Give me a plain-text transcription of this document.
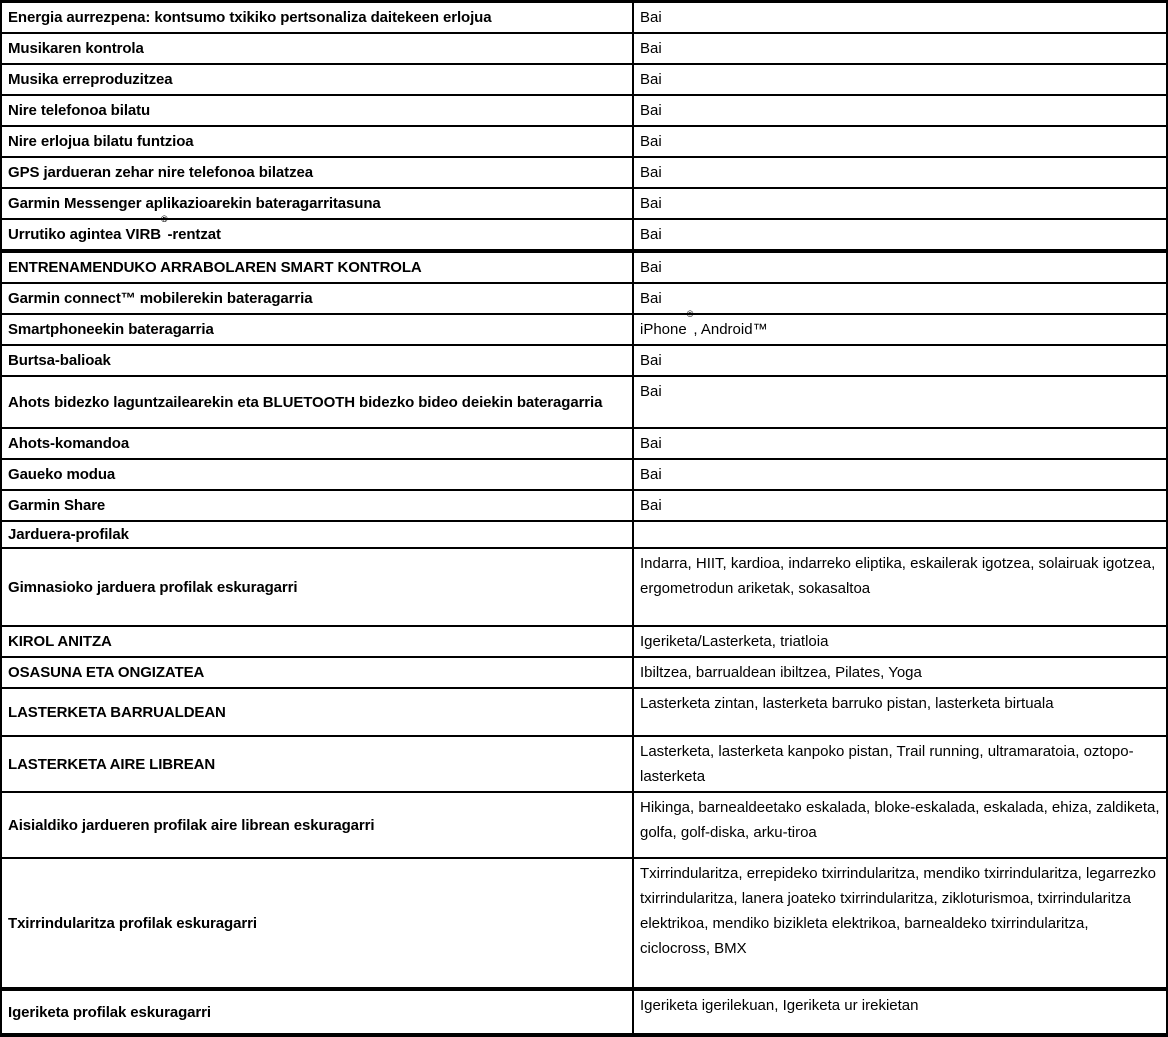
Energia aurrezpena: kontsumo txikiko pertsonaliza daitekeen erlojua	Bai
Musikaren kontrola	Bai
Musika erreproduzitzea	Bai
Nire telefonoa bilatu	Bai
Nire erlojua bilatu funtzioa	Bai
GPS jardueran zehar nire telefonoa bilatzea	Bai
Garmin Messenger aplikazioarekin bateragarritasuna	Bai
Urrutiko agintea VIRB®-rentzat	Bai
ENTRENAMENDUKO ARRABOLAREN SMART KONTROLA	Bai
Garmin connect™ mobilerekin bateragarria	Bai
Smartphoneekin bateragarria	iPhone®, Android™
Burtsa-balioak	Bai
Ahots bidezko laguntzailearekin eta BLUETOOTH bidezko bideo deiekin bateragarria	Bai
Ahots-komandoa	Bai
Gaueko modua	Bai
Garmin Share	Bai
Jarduera-profilak	
Gimnasioko jarduera profilak eskuragarri	Indarra, HIIT, kardioa, indarreko eliptika, eskailerak igotzea, solairuak igotzea, ergometrodun ariketak, sokasaltoa
KIROL ANITZA	Igeriketa/Lasterketa, triatloia
OSASUNA ETA ONGIZATEA	Ibiltzea, barrualdean ibiltzea, Pilates, Yoga
LASTERKETA BARRUALDEAN	Lasterketa zintan, lasterketa barruko pistan, lasterketa birtuala
LASTERKETA AIRE LIBREAN	Lasterketa, lasterketa kanpoko pistan, Trail running, ultramaratoia, oztopo-lasterketa
Aisialdiko jardueren profilak aire librean eskuragarri	Hikinga, barnealdeetako eskalada, bloke-eskalada, eskalada, ehiza, zaldiketa, golfa, golf-diska, arku-tiroa
Txirrindularitza profilak eskuragarri	Txirrindularitza, errepideko txirrindularitza, mendiko txirrindularitza, legarrezko txirrindularitza, lanera joateko txirrindularitza, zikloturismoa, txirrindularitza elektrikoa, mendiko bizikleta elektrikoa, barnealdeko txirrindularitza, ciclocross, BMX
Igeriketa profilak eskuragarri	Igeriketa igerilekuan, Igeriketa ur irekietan
